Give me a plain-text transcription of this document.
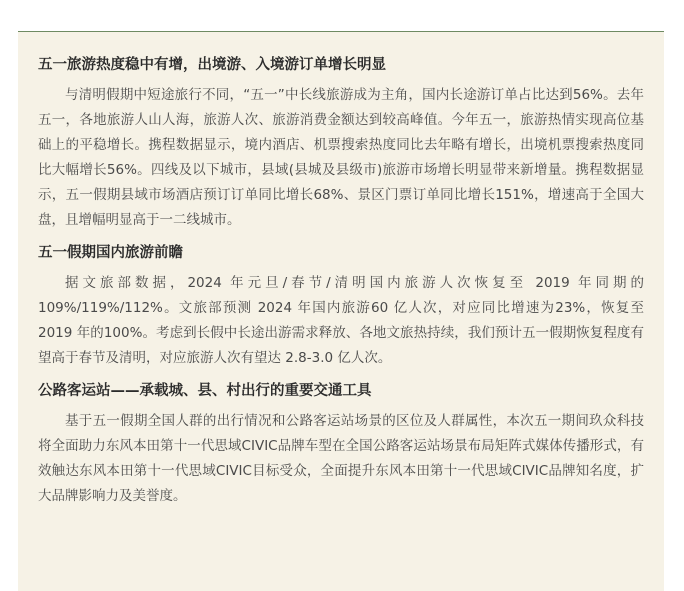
五一旅游热度稳中有增，出境游、入境游订单增长明显

与清明假期中短途旅行不同，“五一”中长线旅游成为主角，国内长途游订单占比达到56%。去年五一，各地旅游人山人海，旅游人次、旅游消费金额达到较高峰值。今年五一，旅游热情实现高位基础上的平稳增长。携程数据显示，境内酒店、机票搜索热度同比去年略有增长，出境机票搜索热度同比大幅增长56%。四线及以下城市，县域(县城及县级市)旅游市场增长明显带来新增量。携程数据显示，五一假期县域市场酒店预订订单同比增长68%、景区门票订单同比增长151%，增速高于全国大盘，且增幅明显高于一二线城市。

五一假期国内旅游前瞻

据文旅部数据，2024 年元旦/春节/清明国内旅游人次恢复至 2019 年同期的109%/119%/112%。文旅部预测 2024 年国内旅游60 亿人次，对应同比增速为23%，恢复至 2019 年的100%。考虑到长假中长途出游需求释放、各地文旅热持续，我们预计五一假期恢复程度有望高于春节及清明，对应旅游人次有望达 2.8-3.0 亿人次。

公路客运站——承载城、县、村出行的重要交通工具

基于五一假期全国人群的出行情况和公路客运站场景的区位及人群属性，本次五一期间玖众科技将全面助力东风本田第十一代思域CIVIC品牌车型在全国公路客运站场景布局矩阵式媒体传播形式，有效触达东风本田第十一代思域CIVIC目标受众，全面提升东风本田第十一代思域CIVIC品牌知名度，扩大品牌影响力及美誉度。
